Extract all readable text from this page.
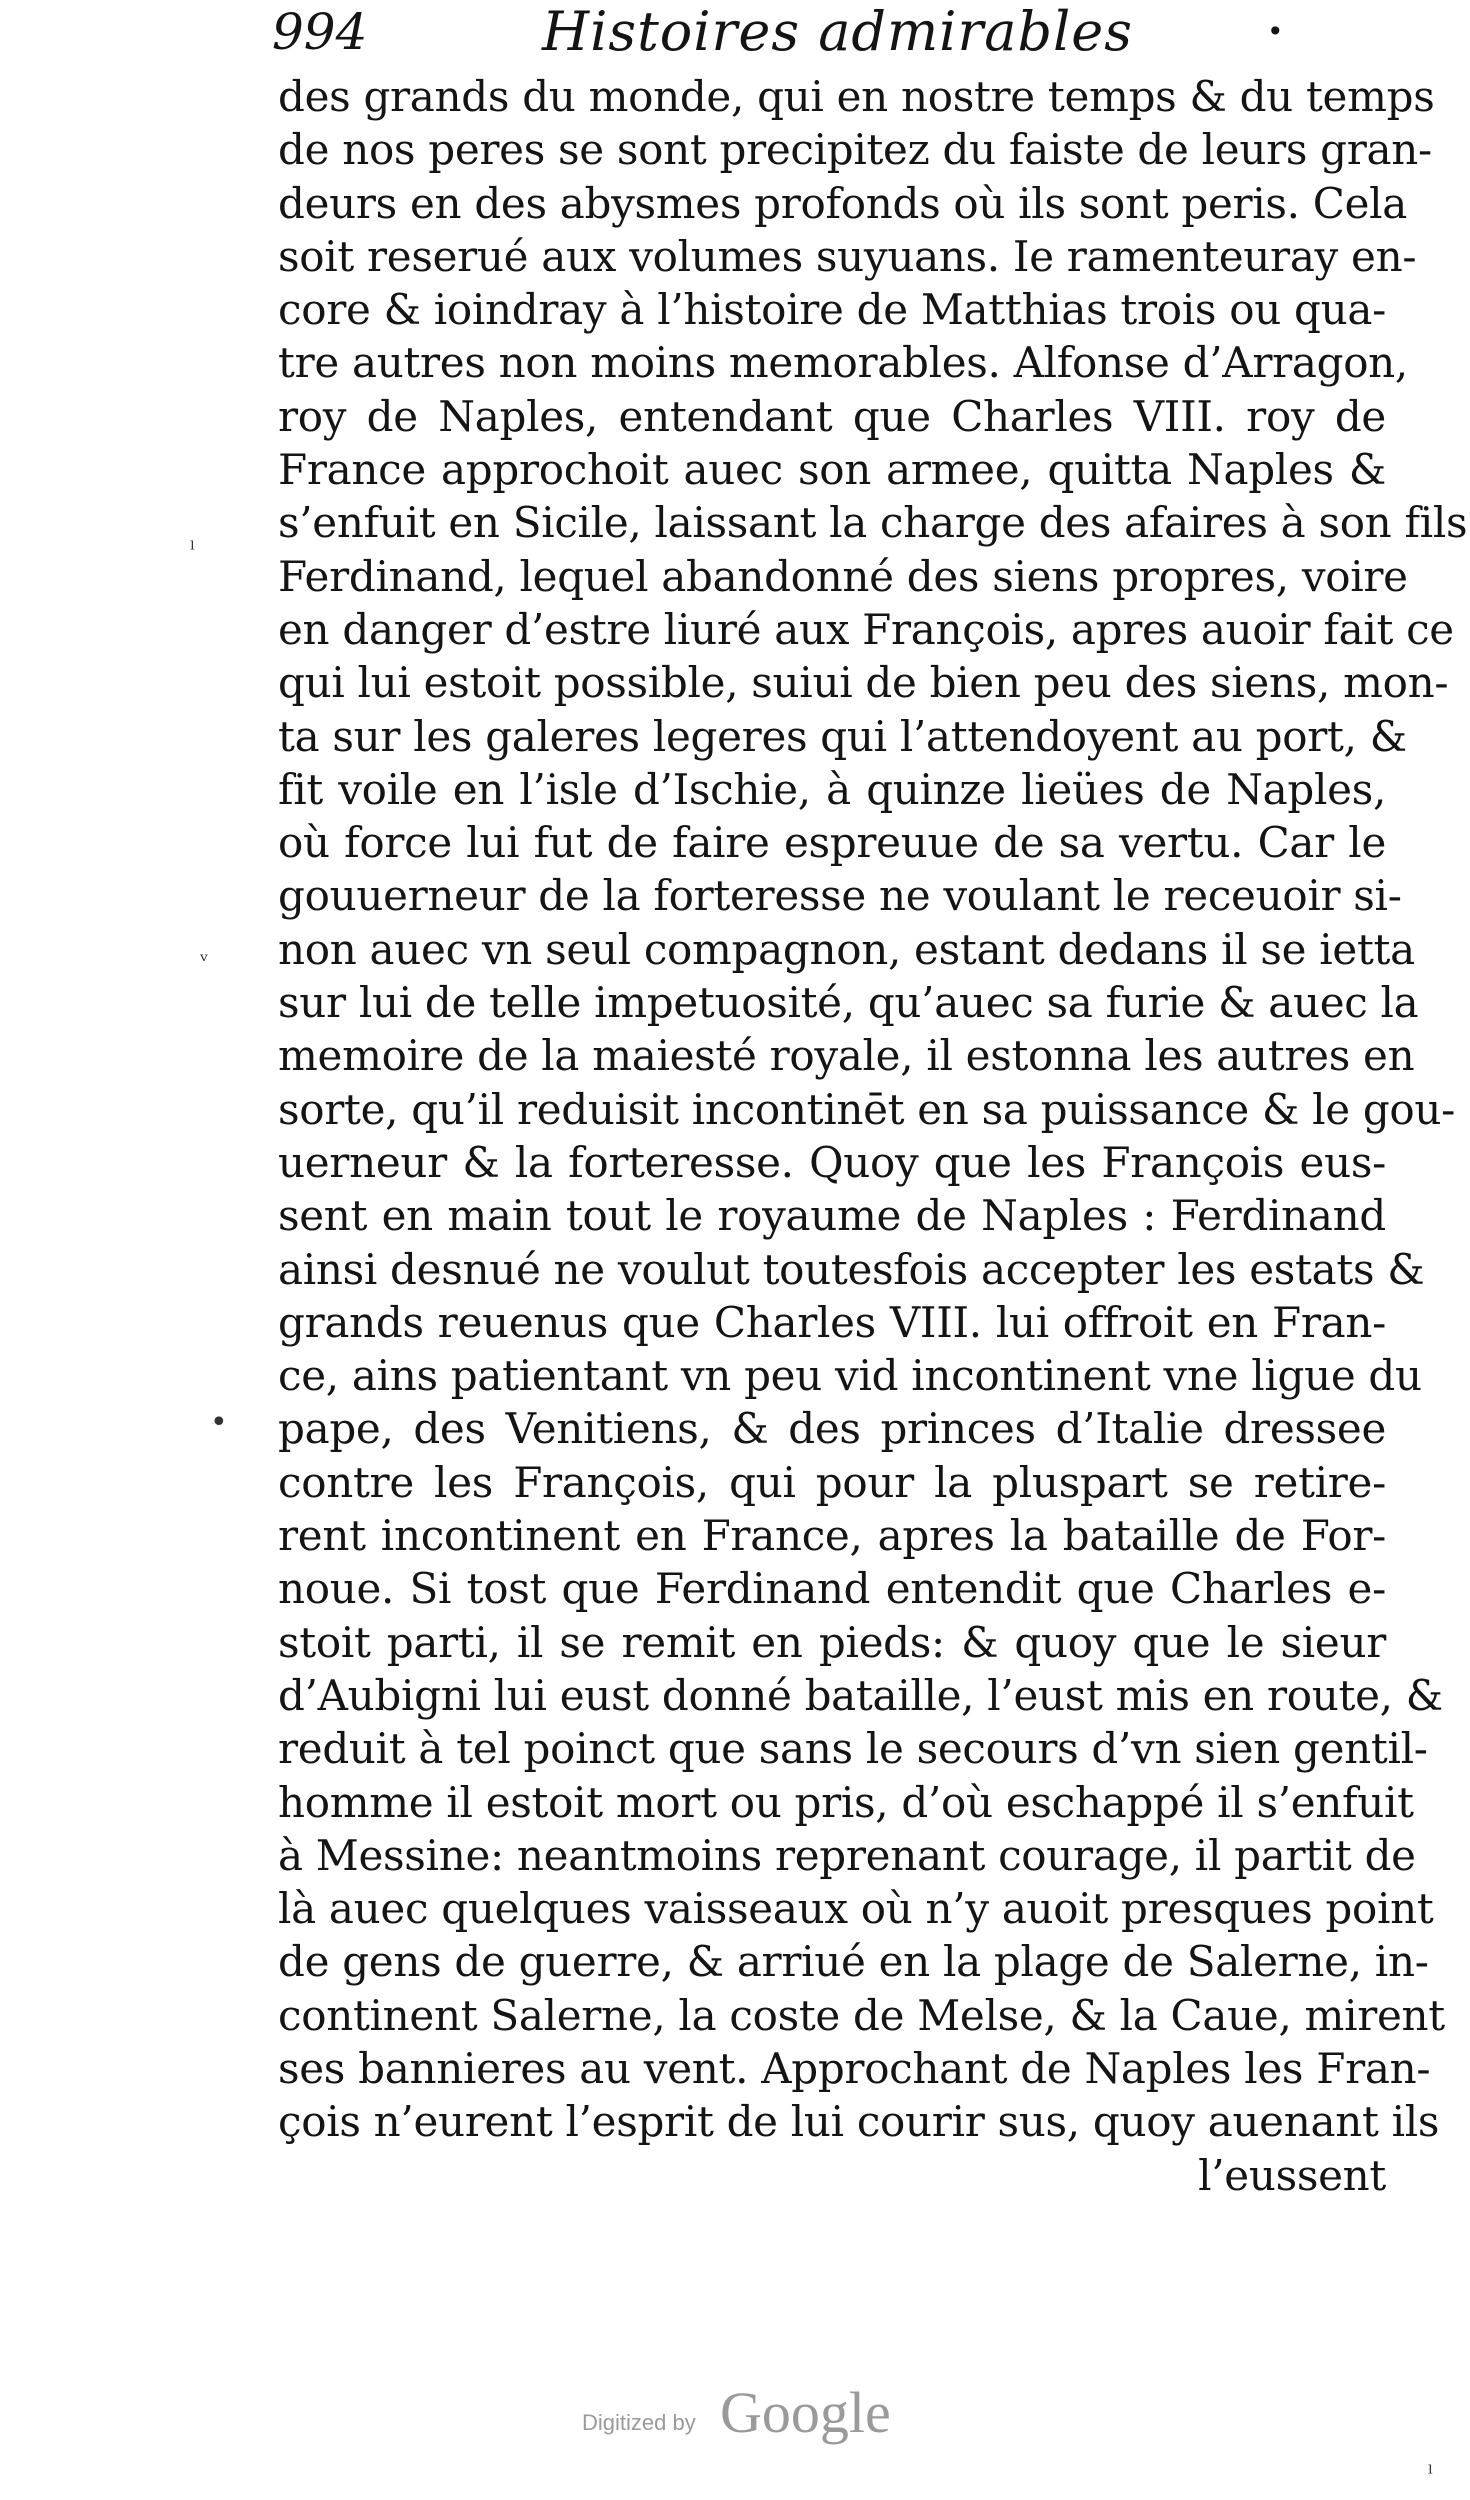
994	Histoires admirables	•
des grands du monde, qui en nostre temps & du temps
de nos peres se sont precipitez du faiste de leurs gran-
deurs en des abysmes profonds où ils sont peris. Cela
soit reserué aux volumes suyuans. Ie ramenteuray en-
core & ioindray à l’histoire de Matthias trois ou qua-
tre autres non moins memorables. Alfonse d’Arragon,
roy de Naples, entendant que Charles VIII. roy de
France approchoit auec son armee, quitta Naples &
s’enfuit en Sicile, laissant la charge des afaires à son fils
Ferdinand, lequel abandonné des siens propres, voire
en danger d’estre liuré aux François, apres auoir fait ce
qui lui estoit possible, suiui de bien peu des siens, mon-
ta sur les galeres legeres qui l’attendoyent au port, &
fit voile en l’isle d’Ischie, à quinze lieües de Naples,
où force lui fut de faire espreuue de sa vertu. Car le
gouuerneur de la forteresse ne voulant le receuoir si-
non auec vn seul compagnon, estant dedans il se ietta
sur lui de telle impetuosité, qu’auec sa furie & auec la
memoire de la maiesté royale, il estonna les autres en
sorte, qu’il reduisit incontinēt en sa puissance & le gou-
uerneur & la forteresse. Quoy que les François eus-
sent en main tout le royaume de Naples : Ferdinand
ainsi desnué ne voulut toutesfois accepter les estats &
grands reuenus que Charles VIII. lui offroit en Fran-
ce, ains patientant vn peu vid incontinent vne ligue du
pape, des Venitiens, & des princes d’Italie dressee
contre les François, qui pour la pluspart se retire-
rent incontinent en France, apres la bataille de For-
noue. Si tost que Ferdinand entendit que Charles e-
stoit parti, il se remit en pieds: & quoy que le sieur
d’Aubigni lui eust donné bataille, l’eust mis en route, &
reduit à tel poinct que sans le secours d’vn sien gentil-
homme il estoit mort ou pris, d’où eschappé il s’enfuit
à Messine: neantmoins reprenant courage, il partit de
là auec quelques vaisseaux où n’y auoit presques point
de gens de guerre, & arriué en la plage de Salerne, in-
continent Salerne, la coste de Melse, & la Caue, mirent
ses bannieres au vent. Approchant de Naples les Fran-
çois n’eurent l’esprit de lui courir sus, quoy auenant ils
l’eussent
ˡ
ᵥ
•
ˡ
Digitized by Google
